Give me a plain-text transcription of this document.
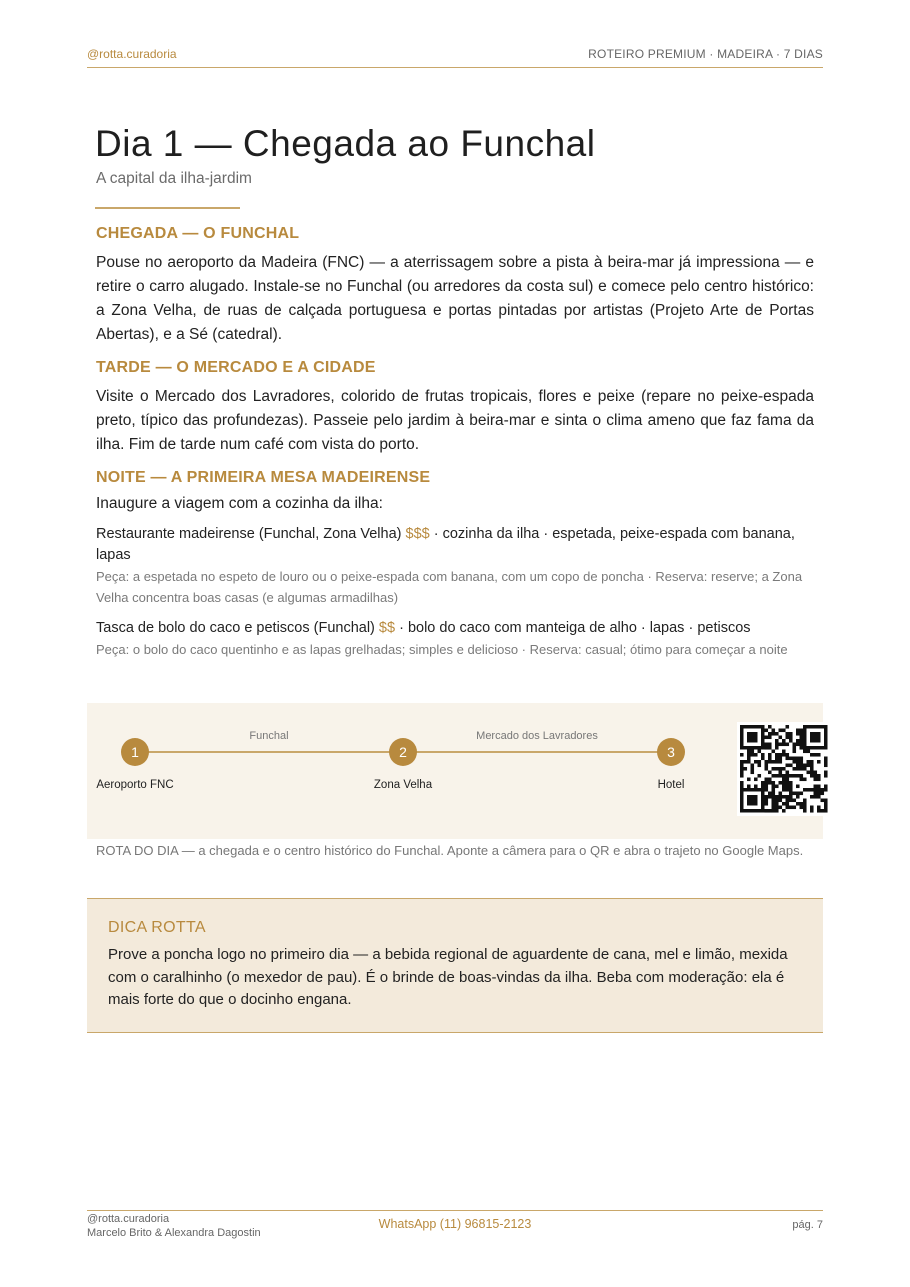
@rotta.curadoria	ROTEIRO PREMIUM · MADEIRA · 7 DIAS
Dia 1 — Chegada ao Funchal
A capital da ilha-jardim
CHEGADA — O FUNCHAL

Pouse no aeroporto da Madeira (FNC) — a aterrissagem sobre a pista à beira-mar já impressiona — e retire o carro alugado. Instale-se no Funchal (ou arredores da costa sul) e comece pelo centro histórico: a Zona Velha, de ruas de calçada portuguesa e portas pintadas por artistas (Projeto Arte de Portas Abertas), e a Sé (catedral).

TARDE — O MERCADO E A CIDADE

Visite o Mercado dos Lavradores, colorido de frutas tropicais, flores e peixe (repare no peixe-espada preto, típico das profundezas). Passeie pelo jardim à beira-mar e sinta o clima ameno que faz fama da ilha. Fim de tarde num café com vista do porto.

NOITE — A PRIMEIRA MESA MADEIRENSE

Inaugure a viagem com a cozinha da ilha:

Restaurante madeirense (Funchal, Zona Velha) $$$ · cozinha da ilha · espetada, peixe-espada com banana, lapas
Peça: a espetada no espeto de louro ou o peixe-espada com banana, com um copo de poncha · Reserva: reserve; a Zona Velha concentra boas casas (e algumas armadilhas)
Tasca de bolo do caco e petiscos (Funchal) $$ · bolo do caco com manteiga de alho · lapas · petiscos
Peça: o bolo do caco quentinho e as lapas grelhadas; simples e delicioso · Reserva: casual; ótimo para começar a noite
Funchal	Mercado dos Lavradores
1	2	3
Aeroporto FNC	Zona Velha	Hotel
ROTA DO DIA — a chegada e o centro histórico do Funchal. Aponte a câmera para o QR e abra o trajeto no Google Maps.
DICA ROTTA
Prove a poncha logo no primeiro dia — a bebida regional de aguardente de cana, mel e limão, mexida com o caralhinho (o mexedor de pau). É o brinde de boas-vindas da ilha. Beba com moderação: ela é mais forte do que o docinho engana.
@rotta.curadoria
Marcelo Brito & Alexandra Dagostin
WhatsApp (11) 96815-2123	pág. 7
